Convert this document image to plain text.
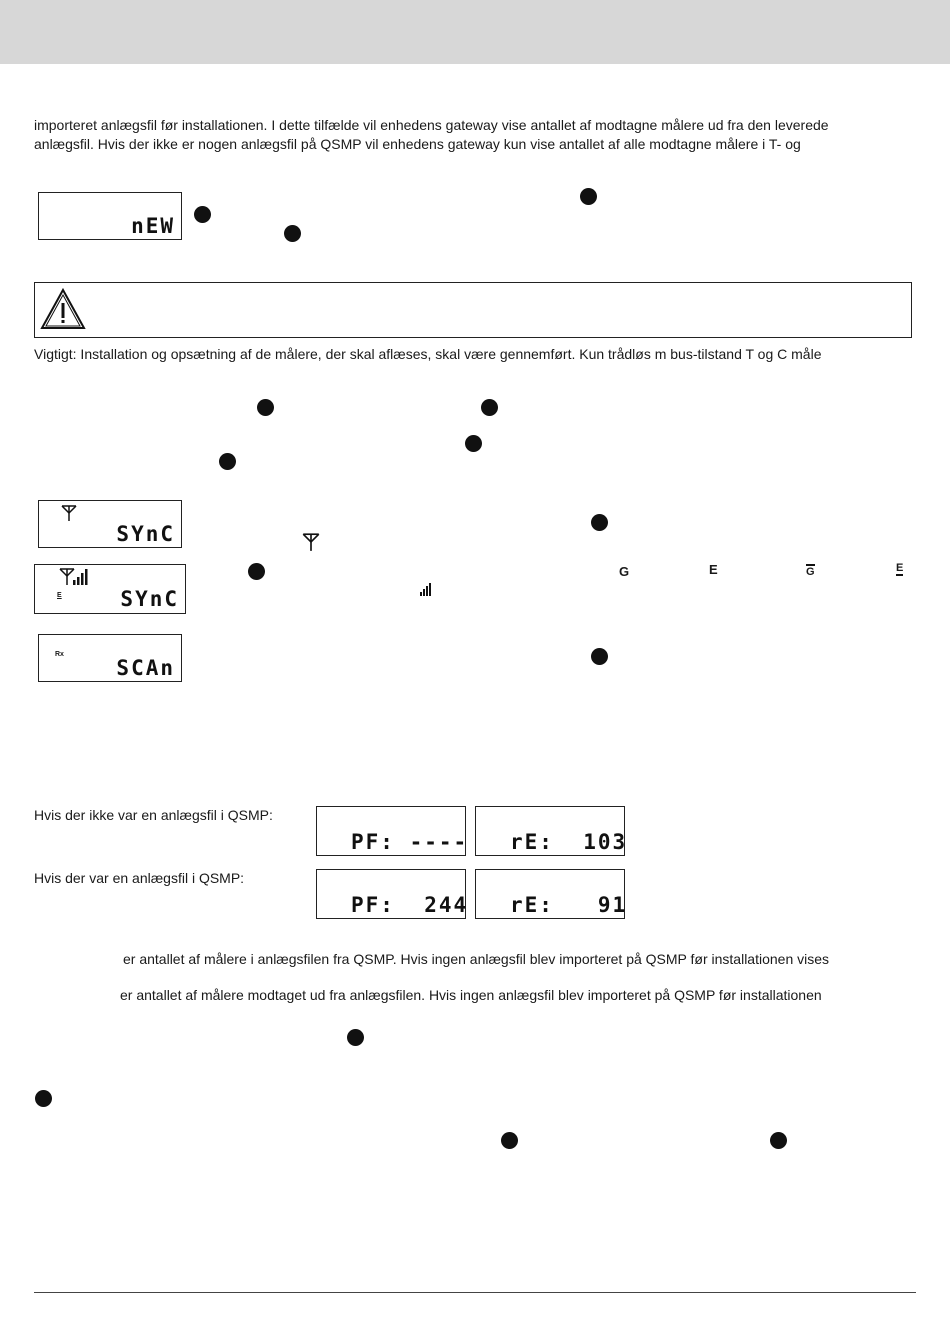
importeret anlægsfil før installationen. I dette tilfælde vil enhedens gateway vise antallet af modtagne målere ud fra den leverede
anlægsfil. Hvis der ikke er nogen anlægsfil på QSMP vil enhedens gateway kun vise antallet af alle modtagne målere i T- og
nEW
Vigtigt: Installation og opsætning af de målere, der skal aflæses, skal være gennemført. Kun trådløs m bus-tilstand T og C måle
SYnC
E	SYnC
G	E	G	E
Rx
SCAn
Hvis der ikke var en anlægsfil i QSMP:
Hvis der var en anlægsfil i QSMP:
PF: ---- rE:  103
PF:  244 rE:   91
er antallet af målere i anlægsfilen fra QSMP. Hvis ingen anlægsfil blev importeret på QSMP før installationen vises
er antallet af målere modtaget ud fra anlægsfilen. Hvis ingen anlægsfil blev importeret på QSMP før installationen
